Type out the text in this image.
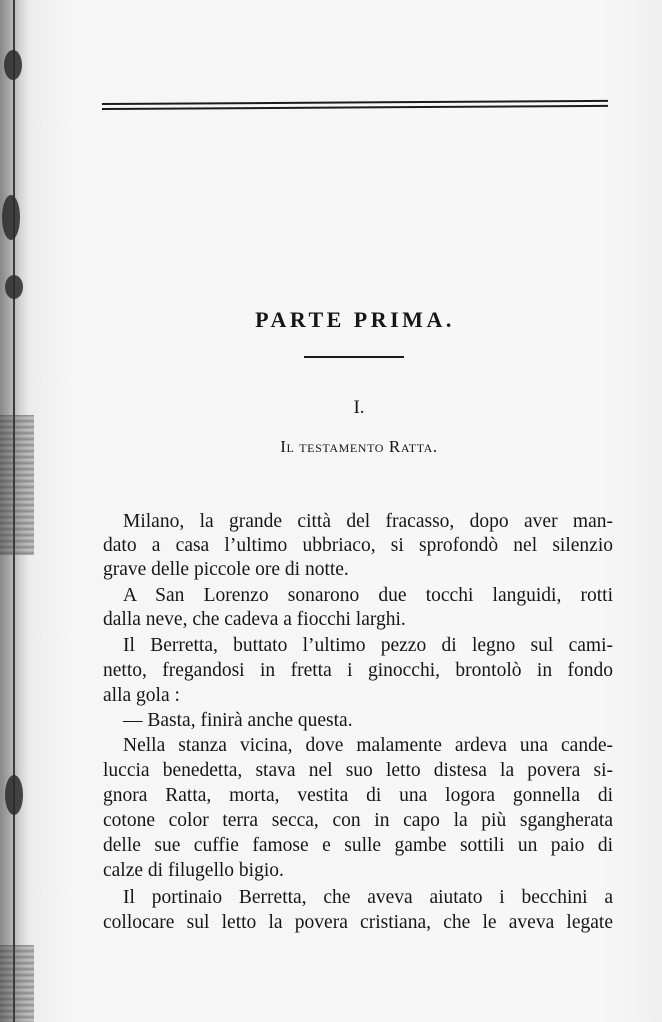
PARTE PRIMA.
I.
Il testamento Ratta.
Milano, la grande città del fracasso, dopo aver man-
dato a casa l’ultimo ubbriaco, si sprofondò nel silenzio
grave delle piccole ore di notte.
A San Lorenzo sonarono due tocchi languidi, rotti
dalla neve, che cadeva a fiocchi larghi.
Il Berretta, buttato l’ultimo pezzo di legno sul cami-
netto, fregandosi in fretta i ginocchi, brontolò in fondo
alla gola :
— Basta, finirà anche questa.
Nella stanza vicina, dove malamente ardeva una cande-
luccia benedetta, stava nel suo letto distesa la povera si-
gnora Ratta, morta, vestita di una logora gonnella di
cotone color terra secca, con in capo la più sgangherata
delle sue cuffie famose e sulle gambe sottili un paio di
calze di filugello bigio.
Il portinaio Berretta, che aveva aiutato i becchini a
collocare sul letto la povera cristiana, che le aveva legate
